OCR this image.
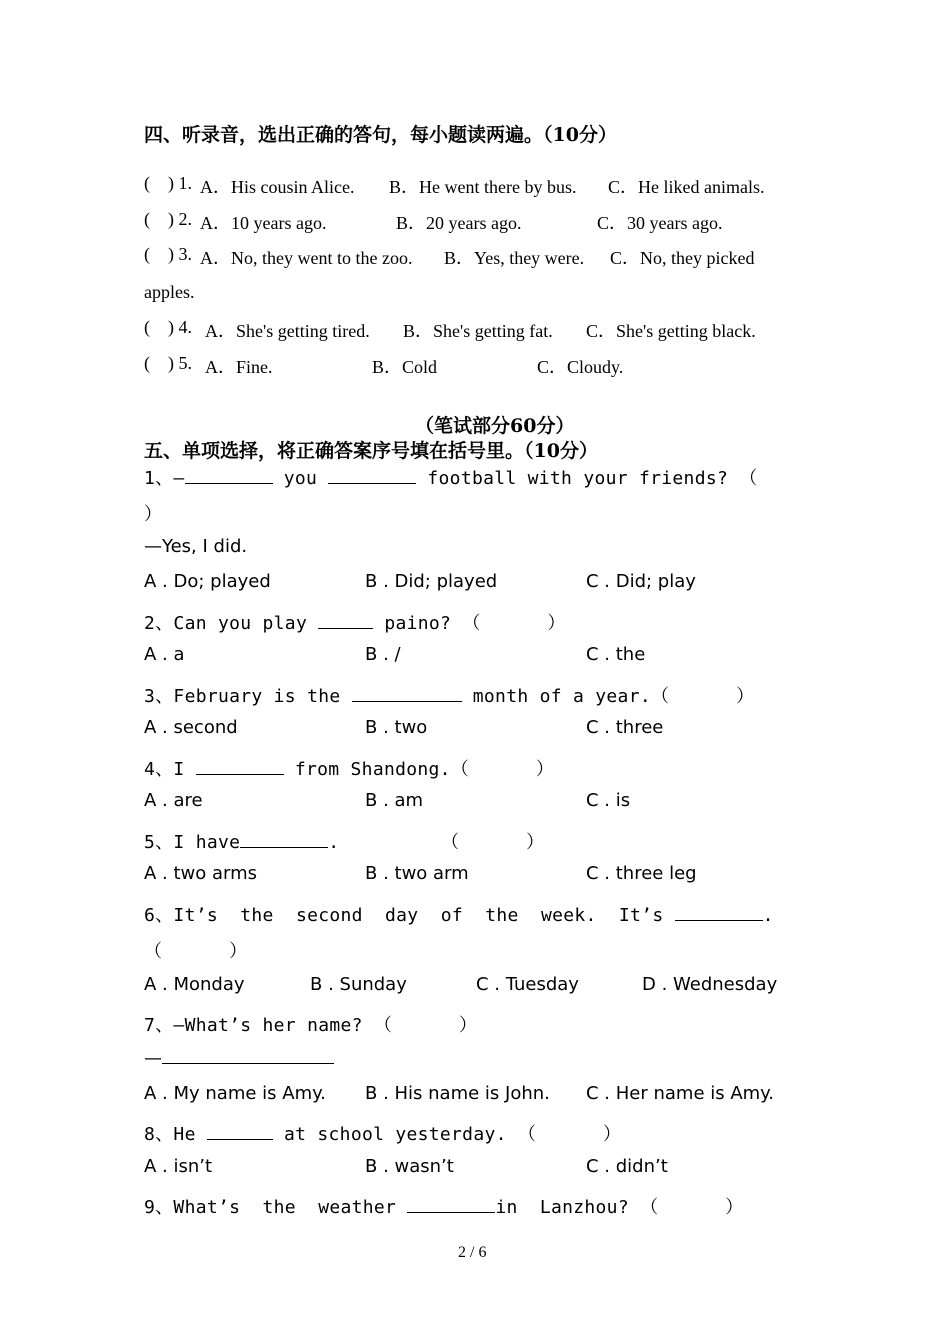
四、听录音，选出正确的答句，每小题读两遍。（10分）
(    ) 1. A．His cousin Alice. B．He went there by bus. C．He liked animals.
(    ) 2. A．10 years ago.	B．20 years ago.	C．30 years ago.
(    ) 3. A．No, they went to the zoo. B．Yes, they were. C．No, they picked
apples.
(    ) 4. A．She's getting tired. B．She's getting fat. C．She's getting black.
(    ) 5. A．Fine.	B．Cold	C．Cloudy.
（笔试部分60分）
五、单项选择，将正确答案序号填在括号里。（10分）
1、—	you	football with your friends? （
）
—Yes, I did.
A . Do; played	B . Did; played	C . Did; play
2、Can you play	paino? （      ）
A . a	B . /	C . the
3、February is the	month of a year.（      ）
A . second	B . two	C . three
4、I	from Shandong.（      ）
A . are	B . am	C . is
5、I have	.	（      ）
A . two arms	B . two arm	C . three leg
6、It’s  the  second  day  of  the  week.  It’s	.
（      ）
A . Monday	B . Sunday	C . Tuesday	D . Wednesday
7、—What’s her name? （      ）
—
A . My name is Amy. B . His name is John. C . Her name is Amy.
8、He	at school yesterday. （      ）
A . isn’t	B . wasn’t	C . didn’t
9、What’s  the  weather	in  Lanzhou? （      ）
2 / 6
